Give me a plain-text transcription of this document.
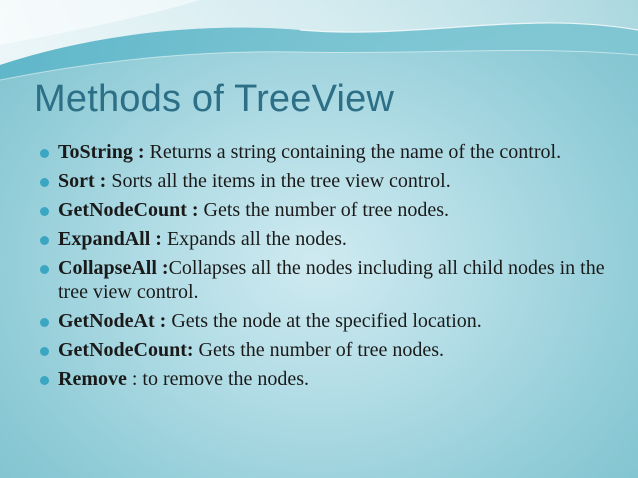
Methods of TreeView
ToString : Returns a string containing the name of the control.
Sort : Sorts all the items in the tree view control.
GetNodeCount : Gets the number of tree nodes.
ExpandAll : Expands all the nodes.
CollapseAll :Collapses all the nodes including all child nodes in the tree view control.
GetNodeAt : Gets the node at the specified location.
GetNodeCount: Gets the number of tree nodes.
Remove : to remove the nodes.
